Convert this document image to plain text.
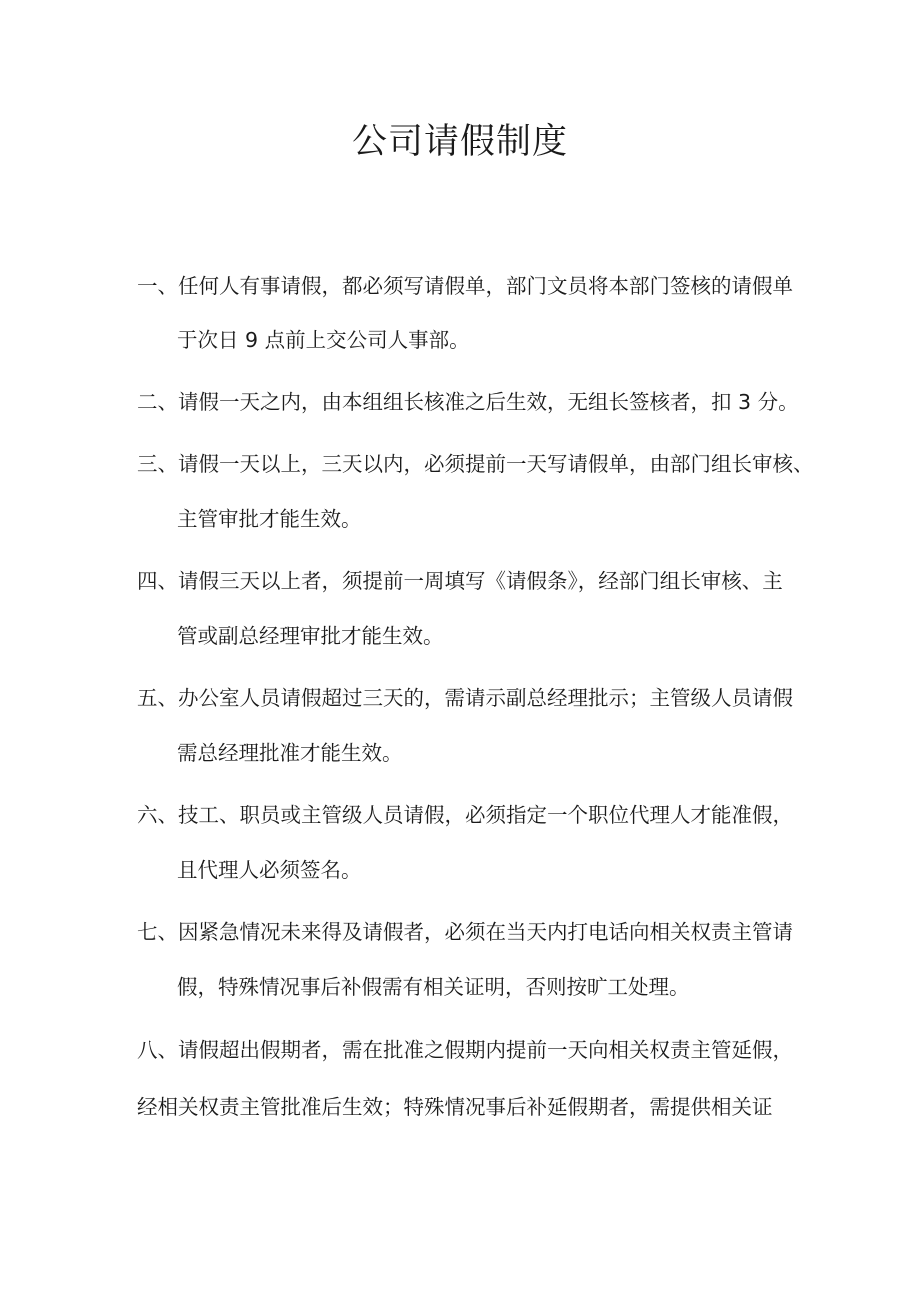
公司请假制度

一、任何人有事请假，都必须写请假单，部门文员将本部门签核的请假单

于次日 9 点前上交公司人事部。

二、请假一天之内，由本组组长核准之后生效，无组长签核者，扣 3 分。

三、请假一天以上，三天以内，必须提前一天写请假单，由部门组长审核、

主管审批才能生效。

四、请假三天以上者，须提前一周填写《请假条》，经部门组长审核、主

管或副总经理审批才能生效。

五、办公室人员请假超过三天的，需请示副总经理批示；主管级人员请假

需总经理批准才能生效。

六、技工、职员或主管级人员请假，必须指定一个职位代理人才能准假，

且代理人必须签名。

七、因紧急情况未来得及请假者，必须在当天内打电话向相关权责主管请

假，特殊情况事后补假需有相关证明，否则按旷工处理。

八、请假超出假期者，需在批准之假期内提前一天向相关权责主管延假，

经相关权责主管批准后生效；特殊情况事后补延假期者，需提供相关证
